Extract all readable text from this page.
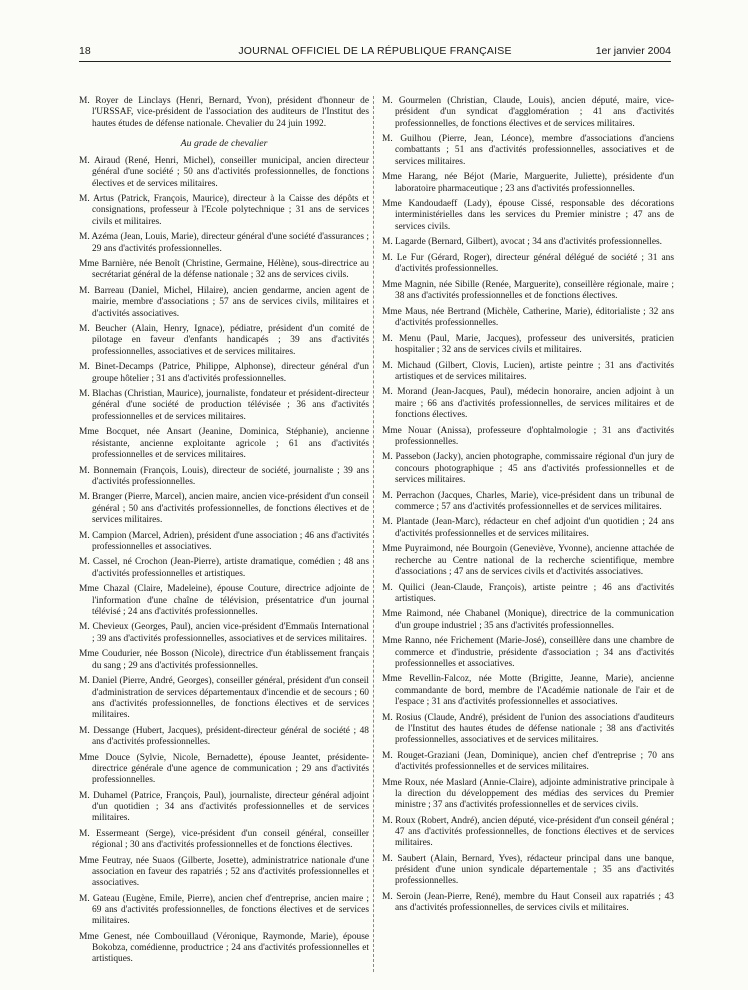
18	JOURNAL OFFICIEL DE LA RÉPUBLIQUE FRANÇAISE	1er janvier 2004

M. Royer de Linclays (Henri, Bernard, Yvon), président d'honneur de l'URSSAF, vice-président de l'association des auditeurs de l'Institut des hautes études de défense nationale. Chevalier du 24 juin 1992.

Au grade de chevalier

M. Airaud (René, Henri, Michel), conseiller municipal, ancien directeur général d'une société ; 50 ans d'activités professionnelles, de fonctions électives et de services militaires.

M. Artus (Patrick, François, Maurice), directeur à la Caisse des dépôts et consignations, professeur à l'Ecole polytechnique ; 31 ans de services civils et militaires.

M. Azéma (Jean, Louis, Marie), directeur général d'une société d'assurances ; 29 ans d'activités professionnelles.

Mme Barnière, née Benoît (Christine, Germaine, Hélène), sous-directrice au secrétariat général de la défense nationale ; 32 ans de services civils.

M. Barreau (Daniel, Michel, Hilaire), ancien gendarme, ancien agent de mairie, membre d'associations ; 57 ans de services civils, militaires et d'activités associatives.

M. Beucher (Alain, Henry, Ignace), pédiatre, président d'un comité de pilotage en faveur d'enfants handicapés ; 39 ans d'activités professionnelles, associatives et de services militaires.

M. Binet-Decamps (Patrice, Philippe, Alphonse), directeur général d'un groupe hôtelier ; 31 ans d'activités professionnelles.

M. Blachas (Christian, Maurice), journaliste, fondateur et président-directeur général d'une société de production télévisée ; 36 ans d'activités professionnelles et de services militaires.

Mme Bocquet, née Ansart (Jeanine, Dominica, Stéphanie), ancienne résistante, ancienne exploitante agricole ; 61 ans d'activités professionnelles et de services militaires.

M. Bonnemain (François, Louis), directeur de société, journaliste ; 39 ans d'activités professionnelles.

M. Branger (Pierre, Marcel), ancien maire, ancien vice-président d'un conseil général ; 50 ans d'activités professionnelles, de fonctions électives et de services militaires.

M. Campion (Marcel, Adrien), président d'une association ; 46 ans d'activités professionnelles et associatives.

M. Cassel, né Crochon (Jean-Pierre), artiste dramatique, comédien ; 48 ans d'activités professionnelles et artistiques.

Mme Chazal (Claire, Madeleine), épouse Couture, directrice adjointe de l'information d'une chaîne de télévision, présentatrice d'un journal télévisé ; 24 ans d'activités professionnelles.

M. Chevieux (Georges, Paul), ancien vice-président d'Emmaüs International ; 39 ans d'activités professionnelles, associatives et de services militaires.

Mme Coudurier, née Bosson (Nicole), directrice d'un établissement français du sang ; 29 ans d'activités professionnelles.

M. Daniel (Pierre, André, Georges), conseiller général, président d'un conseil d'administration de services départementaux d'incendie et de secours ; 60 ans d'activités professionnelles, de fonctions électives et de services militaires.

M. Dessange (Hubert, Jacques), président-directeur général de société ; 48 ans d'activités professionnelles.

Mme Douce (Sylvie, Nicole, Bernadette), épouse Jeantet, présidente-directrice générale d'une agence de communication ; 29 ans d'activités professionnelles.

M. Duhamel (Patrice, François, Paul), journaliste, directeur général adjoint d'un quotidien ; 34 ans d'activités professionnelles et de services militaires.

M. Essermeant (Serge), vice-président d'un conseil général, conseiller régional ; 30 ans d'activités professionnelles et de fonctions électives.

Mme Feutray, née Suaos (Gilberte, Josette), administratrice nationale d'une association en faveur des rapatriés ; 52 ans d'activités professionnelles et associatives.

M. Gateau (Eugène, Emile, Pierre), ancien chef d'entreprise, ancien maire ; 69 ans d'activités professionnelles, de fonctions électives et de services militaires.

Mme Genest, née Combouillaud (Véronique, Raymonde, Marie), épouse Bokobza, comédienne, productrice ; 24 ans d'activités professionnelles et artistiques.

M. Gourmelen (Christian, Claude, Louis), ancien député, maire, vice-président d'un syndicat d'agglomération ; 41 ans d'activités professionnelles, de fonctions électives et de services militaires.

M. Guilhou (Pierre, Jean, Léonce), membre d'associations d'anciens combattants ; 51 ans d'activités professionnelles, associatives et de services militaires.

Mme Harang, née Béjot (Marie, Marguerite, Juliette), présidente d'un laboratoire pharmaceutique ; 23 ans d'activités professionnelles.

Mme Kandoudaeff (Lady), épouse Cissé, responsable des décorations interministérielles dans les services du Premier ministre ; 47 ans de services civils.

M. Lagarde (Bernard, Gilbert), avocat ; 34 ans d'activités professionnelles.

M. Le Fur (Gérard, Roger), directeur général délégué de société ; 31 ans d'activités professionnelles.

Mme Magnin, née Sibille (Renée, Marguerite), conseillère régionale, maire ; 38 ans d'activités professionnelles et de fonctions électives.

Mme Maus, née Bertrand (Michèle, Catherine, Marie), éditorialiste ; 32 ans d'activités professionnelles.

M. Menu (Paul, Marie, Jacques), professeur des universités, praticien hospitalier ; 32 ans de services civils et militaires.

M. Michaud (Gilbert, Clovis, Lucien), artiste peintre ; 31 ans d'activités artistiques et de services militaires.

M. Morand (Jean-Jacques, Paul), médecin honoraire, ancien adjoint à un maire ; 66 ans d'activités professionnelles, de services militaires et de fonctions électives.

Mme Nouar (Anissa), professeure d'ophtalmologie ; 31 ans d'activités professionnelles.

M. Passebon (Jacky), ancien photographe, commissaire régional d'un jury de concours photographique ; 45 ans d'activités professionnelles et de services militaires.

M. Perrachon (Jacques, Charles, Marie), vice-président dans un tribunal de commerce ; 57 ans d'activités professionnelles et de services militaires.

M. Plantade (Jean-Marc), rédacteur en chef adjoint d'un quotidien ; 24 ans d'activités professionnelles et de services militaires.

Mme Puyraimond, née Bourgoin (Geneviève, Yvonne), ancienne attachée de recherche au Centre national de la recherche scientifique, membre d'associations ; 47 ans de services civils et d'activités associatives.

M. Quilici (Jean-Claude, François), artiste peintre ; 46 ans d'activités artistiques.

Mme Raimond, née Chabanel (Monique), directrice de la communication d'un groupe industriel ; 35 ans d'activités professionnelles.

Mme Ranno, née Frichement (Marie-José), conseillère dans une chambre de commerce et d'industrie, présidente d'association ; 34 ans d'activités professionnelles et associatives.

Mme Revellin-Falcoz, née Motte (Brigitte, Jeanne, Marie), ancienne commandante de bord, membre de l'Académie nationale de l'air et de l'espace ; 31 ans d'activités professionnelles et associatives.

M. Rosius (Claude, André), président de l'union des associations d'auditeurs de l'Institut des hautes études de défense nationale ; 38 ans d'activités professionnelles, associatives et de services militaires.

M. Rouget-Graziani (Jean, Dominique), ancien chef d'entreprise ; 70 ans d'activités professionnelles et de services militaires.

Mme Roux, née Maslard (Annie-Claire), adjointe administrative principale à la direction du développement des médias des services du Premier ministre ; 37 ans d'activités professionnelles et de services civils.

M. Roux (Robert, André), ancien député, vice-président d'un conseil général ; 47 ans d'activités professionnelles, de fonctions électives et de services militaires.

M. Saubert (Alain, Bernard, Yves), rédacteur principal dans une banque, président d'une union syndicale départementale ; 35 ans d'activités professionnelles.

M. Seroin (Jean-Pierre, René), membre du Haut Conseil aux rapatriés ; 43 ans d'activités professionnelles, de services civils et militaires.
